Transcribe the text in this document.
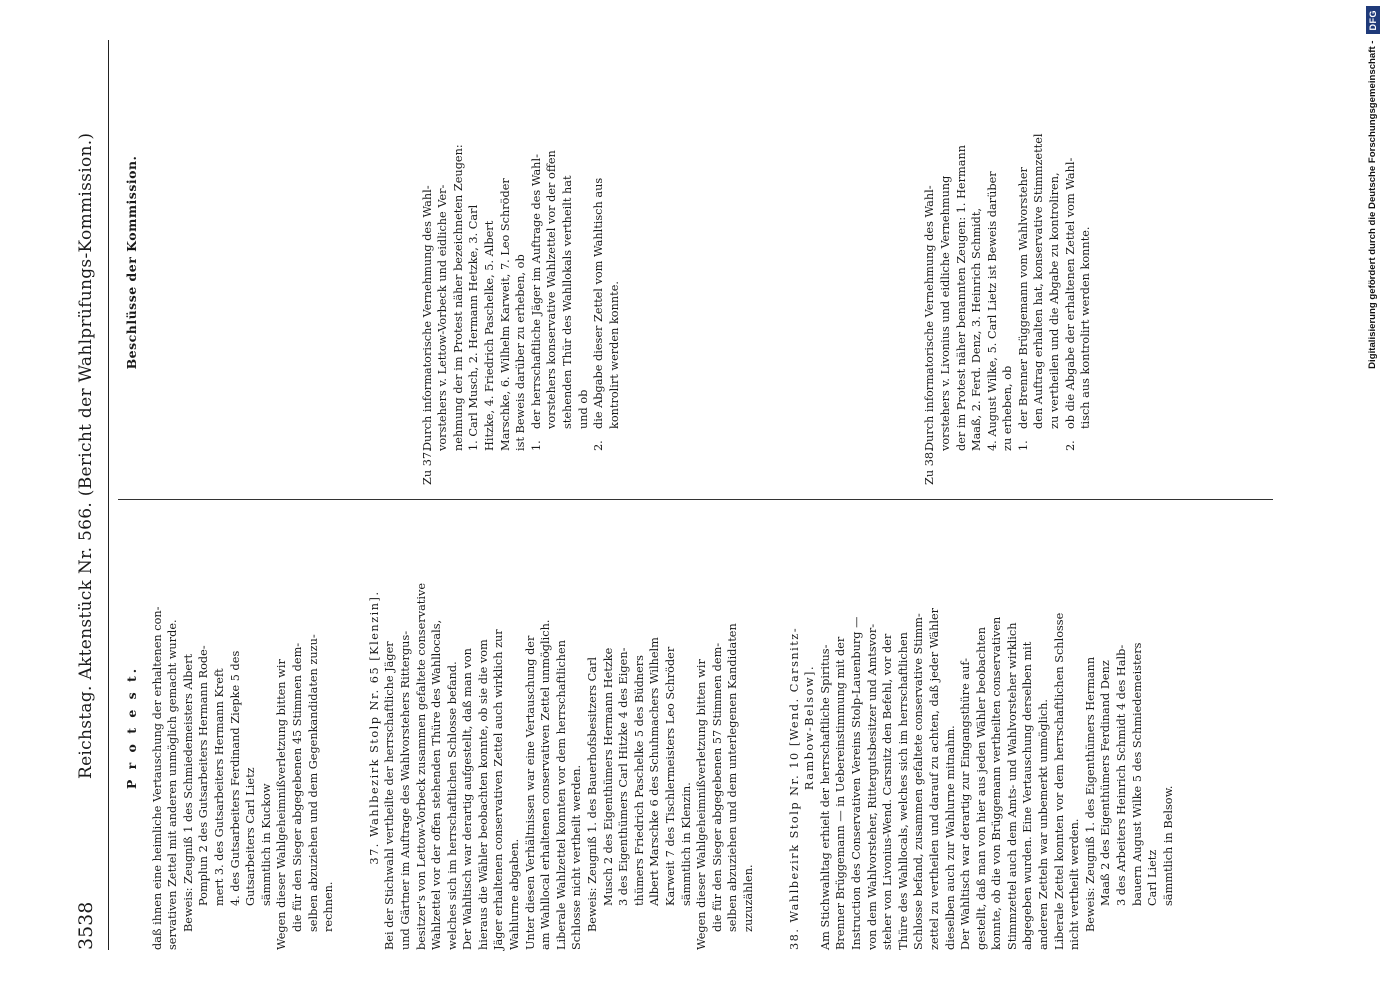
3538
Reichstag. Aktenstück Nr. 566. (Bericht der Wahlprüfungs-Kommission.) P r o t e s t. daß ihnen eine heimliche Vertauschung der erhaltenen con- servativen Zettel mit anderen unmöglich gemacht wurde. Beweis: Zeugniß 1 des Schmiedemeisters Albert Pomplun 2 des Gutsarbeiters Hermann Rode- mert 3. des Gutsarbeiters Hermann Kreft 4. des Gutsarbeiters Ferdinand Ziepke 5 des Gutsarbeiters Carl Lietz sämmtlich in Kuckow Wegen dieser Wahlgeheimnißverletzung bitten wir die für den Sieger abgegebenen 45 Stimmen dem- selben abzuziehen und dem Gegenkandidaten zuzu- rechnen.
37. Wahlbezirk Stolp Nr. 65 [Klenzin]. Bei der Stichwahl vertheilte der herrschaftliche Jäger und Gärtner im Auftrage des Wahlvorstehers Rittergus- besitzer's von Lettow-Vorbeck zusammen gefaltete conservative Wahlzettel vor der offen stehenden Thüre des Wahllocals, welches sich im herrschaftlichen Schlosse befand. Der Wahltisch war derartig aufgestellt, daß man von hieraus die Wähler beobachten konnte, ob sie die vom Jäger erhaltenen conservativen Zettel auch wirklich zur Wahlurne abgaben. Unter diesen Verhältnissen war eine Vertauschung der am Wahllocal erhaltenen conservativen Zettel unmöglich. Liberale Wahlzettel konnten vor dem herrschaftlichen Schlosse nicht vertheilt werden. Beweis: Zeugniß 1. des Bauerhofsbesitzers Carl Musch 2 des Eigenthümers Hermann Hetzke 3 des Eigenthümers Carl Hitzke 4 des Eigen- thümers Friedrich Paschelke 5 des Büdners Albert Marschke 6 des Schuhmachers Wilhelm Karweit 7 des Tischlermeisters Leo Schröder sämmtlich in Klenzin. Wegen dieser Wahlgeheimnißverletzung bitten wir die für den Sieger abgegebenen 57 Stimmen dem- selben abzuziehen und dem unterlegenen Kandidaten zuzuzählen.	38. Wahlbezirk Stolp Nr. 10 [Wend. Carsnitz- Rambow-Belsow]. Am Stichwahltag erhielt der herrschaftliche Spiritus- Brenner Brüggemann — in Uebereinstimmung mit der Instruction des Conservativen Vereins Stolp-Lauenburg — von dem Wahlvorsteher, Rittergutsbesitzer und Amtsvor- steher von Livonius-Wend. Carsnitz den Befehl, vor der Thüre des Wahllocals, welches sich im herrschaftlichen Schlosse befand, zusammen gefaltete conservative Stimm- zettel zu vertheilen und darauf zu achten, daß jeder Wähler dieselben auch zur Wahlurne mitnahm. Der Wahltisch war derartig zur Eingangsthüre auf- gestellt, daß man von hier aus jeden Wähler beobachten konnte, ob die von Brüggemann vertheilten conservativen Stimmzettel auch dem Amts- und Wahlvorsteher wirklich abgegeben wurden. Eine Vertauschung derselben mit anderen Zetteln war unbemerkt unmöglich. Liberale Zettel konnten vor dem herrschaftlichen Schlosse nicht vertheilt werden. Beweis: Zeugniß 1. des Eigenthümers Hermann Maaß 2 des Eigenthümers Ferdinand Denz 3 des Arbeiters Heinrich Schmidt 4 des Halb- bauern August Wilke 5 des Schmiedemeisters Carl Lietz sämmtlich in Belsow.
Beschlüsse der Kommission.
Zu 37.
Durch informatorische Vernehmung des Wahl- vorstehers v. Lettow-Vorbeck und eidliche Ver- nehmung der im Protest näher bezeichneten Zeugen: 1. Carl Musch, 2. Hermann Hetzke, 3. Carl Hitzke, 4. Friedrich Paschelke, 5. Albert Marschke, 6. Wilhelm Karweit, 7. Leo Schröder ist Beweis darüber zu erheben, ob 1.
der herrschaftliche Jäger im Auftrage des Wahl- vorstehers konservative Wahlzettel vor der offen stehenden Thür des Wahllokals vertheilt hat und ob
2.
die Abgabe dieser Zettel vom Wahltisch aus kontrolirt werden konnte.
Zu 38.
Durch informatorische Vernehmung des Wahl- vorstehers v. Livonius und eidliche Vernehmung der im Protest näher benannten Zeugen: 1. Hermann Maaß, 2. Ferd. Denz, 3. Heinrich Schmidt, 4. August Wilke, 5. Carl Lietz ist Beweis darüber zu erheben, ob 1.
der Brenner Brüggemann vom Wahlvorsteher den Auftrag erhalten hat, konservative Stimmzettel zu vertheilen und die Abgabe zu kontroliren,
2.
ob die Abgabe der erhaltenen Zettel vom Wahl- tisch aus kontrolirt werden konnte.	Digitalisierung gefördert durch die Deutsche Forschungsgemeinschaft -
DFG
